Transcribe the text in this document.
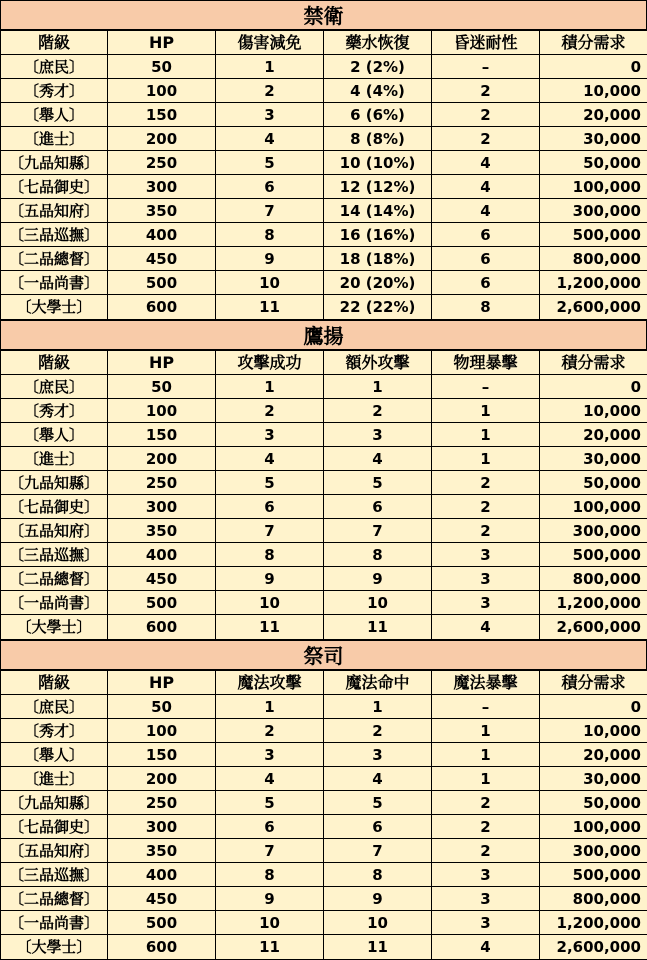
禁衛
階級	HP	傷害減免	藥水恢復	昏迷耐性	積分需求
〔庶民〕	50	1	2 (2%)	–	0
〔秀才〕	100	2	4 (4%)	2	10,000
〔舉人〕	150	3	6 (6%)	2	20,000
〔進士〕	200	4	8 (8%)	2	30,000
〔九品知縣〕	250	5	10 (10%)	4	50,000
〔七品御史〕	300	6	12 (12%)	4	100,000
〔五品知府〕	350	7	14 (14%)	4	300,000
〔三品巡撫〕	400	8	16 (16%)	6	500,000
〔二品總督〕	450	9	18 (18%)	6	800,000
〔一品尚書〕	500	10	20 (20%)	6	1,200,000
〔大學士〕	600	11	22 (22%)	8	2,600,000
鷹揚
階級	HP	攻擊成功	額外攻擊	物理暴擊	積分需求
〔庶民〕	50	1	1	–	0
〔秀才〕	100	2	2	1	10,000
〔舉人〕	150	3	3	1	20,000
〔進士〕	200	4	4	1	30,000
〔九品知縣〕	250	5	5	2	50,000
〔七品御史〕	300	6	6	2	100,000
〔五品知府〕	350	7	7	2	300,000
〔三品巡撫〕	400	8	8	3	500,000
〔二品總督〕	450	9	9	3	800,000
〔一品尚書〕	500	10	10	3	1,200,000
〔大學士〕	600	11	11	4	2,600,000
祭司
階級	HP	魔法攻擊	魔法命中	魔法暴擊	積分需求
〔庶民〕	50	1	1	–	0
〔秀才〕	100	2	2	1	10,000
〔舉人〕	150	3	3	1	20,000
〔進士〕	200	4	4	1	30,000
〔九品知縣〕	250	5	5	2	50,000
〔七品御史〕	300	6	6	2	100,000
〔五品知府〕	350	7	7	2	300,000
〔三品巡撫〕	400	8	8	3	500,000
〔二品總督〕	450	9	9	3	800,000
〔一品尚書〕	500	10	10	3	1,200,000
〔大學士〕	600	11	11	4	2,600,000
